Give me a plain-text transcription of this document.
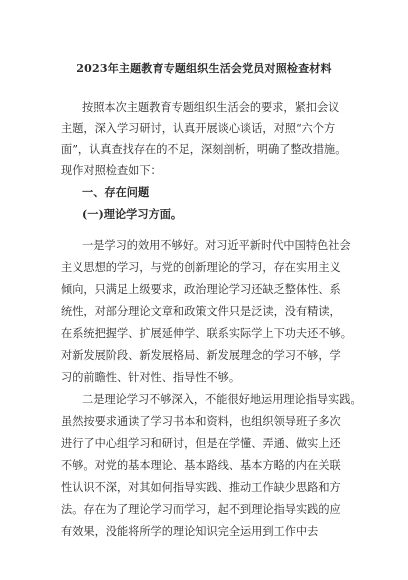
2023年主题教育专题组织生活会党员对照检查材料
按照本次主题教育专题组织生活会的要求，紧扣会议
主题，深入学习研讨，认真开展谈心谈话，对照“六个方
面”，认真查找存在的不足，深刻剖析，明确了整改措施。
现作对照检查如下：
一、存在问题
(一)理论学习方面。
一是学习的效用不够好。对习近平新时代中国特色社会
主义思想的学习，与党的创新理论的学习，存在实用主义
倾向，只满足上级要求，政治理论学习还缺乏整体性、系
统性，对部分理论文章和政策文件只是泛读，没有精读，
在系统把握学、扩展延伸学、联系实际学上下功夫还不够。
对新发展阶段、新发展格局、新发展理念的学习不够，学
习的前瞻性、针对性、指导性不够。
二是理论学习不够深入，不能很好地运用理论指导实践。
虽然按要求通读了学习书本和资料，也组织领导班子多次
进行了中心组学习和研讨，但是在学懂、弄通、做实上还
不够。对党的基本理论、基本路线、基本方略的内在关联
性认识不深，对其如何指导实践、推动工作缺少思路和方
法。存在为了理论学习而学习，起不到理论指导实践的应
有效果，没能将所学的理论知识完全运用到工作中去
